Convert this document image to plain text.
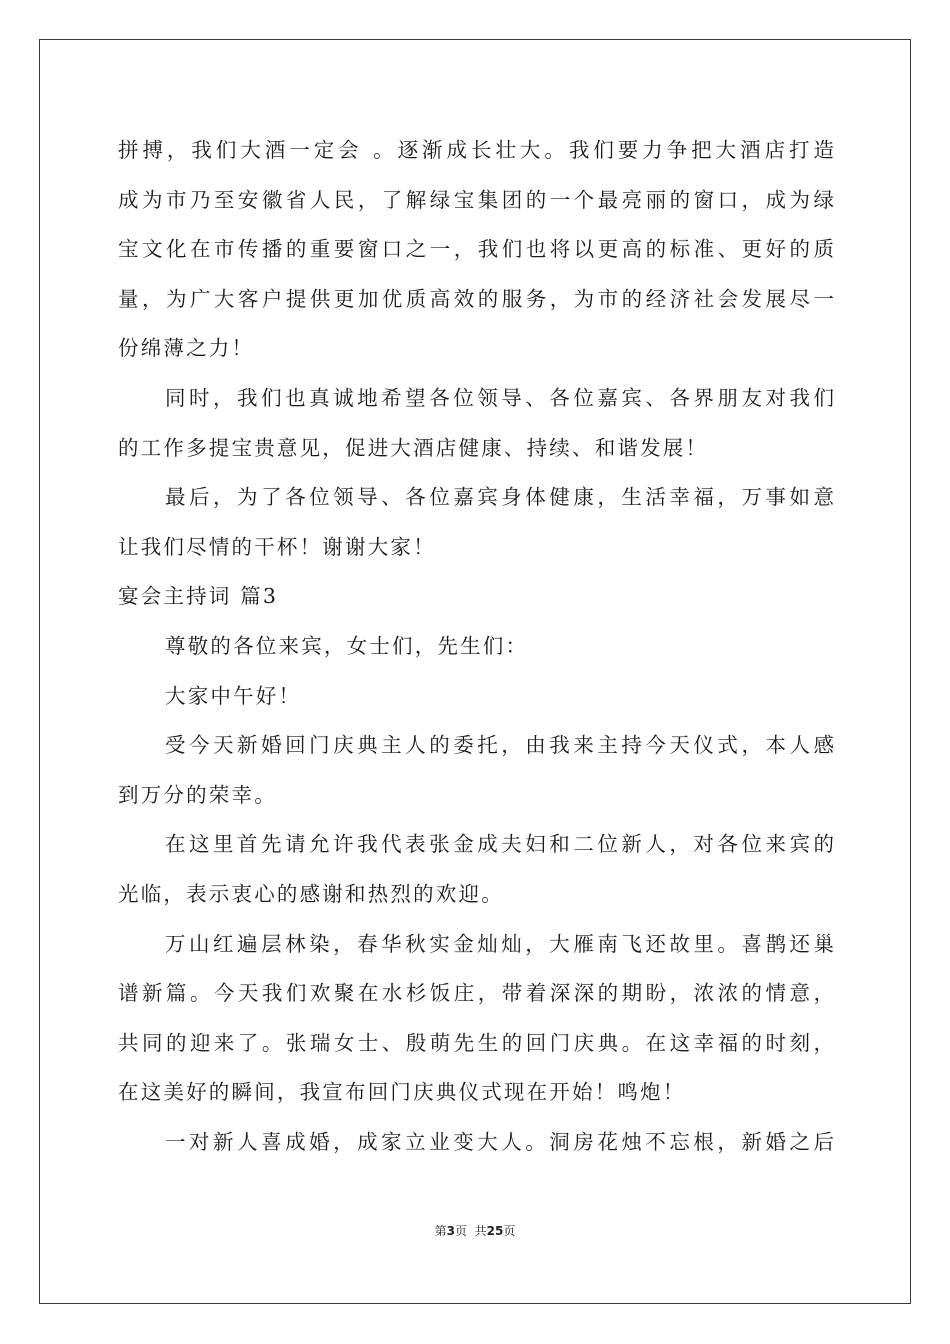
拼搏，我们大酒一定会 。逐渐成长壮大。我们要力争把大酒店打造
成为市乃至安徽省人民，了解绿宝集团的一个最亮丽的窗口，成为绿
宝文化在市传播的重要窗口之一，我们也将以更高的标准、更好的质
量，为广大客户提供更加优质高效的服务，为市的经济社会发展尽一
份绵薄之力！
同时，我们也真诚地希望各位领导、各位嘉宾、各界朋友对我们
的工作多提宝贵意见，促进大酒店健康、持续、和谐发展！
最后，为了各位领导、各位嘉宾身体健康，生活幸福，万事如意
让我们尽情的干杯！谢谢大家！
宴会主持词 篇3
尊敬的各位来宾，女士们，先生们：
大家中午好！
受今天新婚回门庆典主人的委托，由我来主持今天仪式，本人感
到万分的荣幸。
在这里首先请允许我代表张金成夫妇和二位新人，对各位来宾的
光临，表示衷心的感谢和热烈的欢迎。
万山红遍层林染，春华秋实金灿灿，大雁南飞还故里。喜鹊还巢
谱新篇。今天我们欢聚在水杉饭庄，带着深深的期盼，浓浓的情意，
共同的迎来了。张瑞女士、殷萌先生的回门庆典。在这幸福的时刻，
在这美好的瞬间，我宣布回门庆典仪式现在开始！鸣炮！
一对新人喜成婚，成家立业变大人。洞房花烛不忘根，新婚之后
第3页  共25页
